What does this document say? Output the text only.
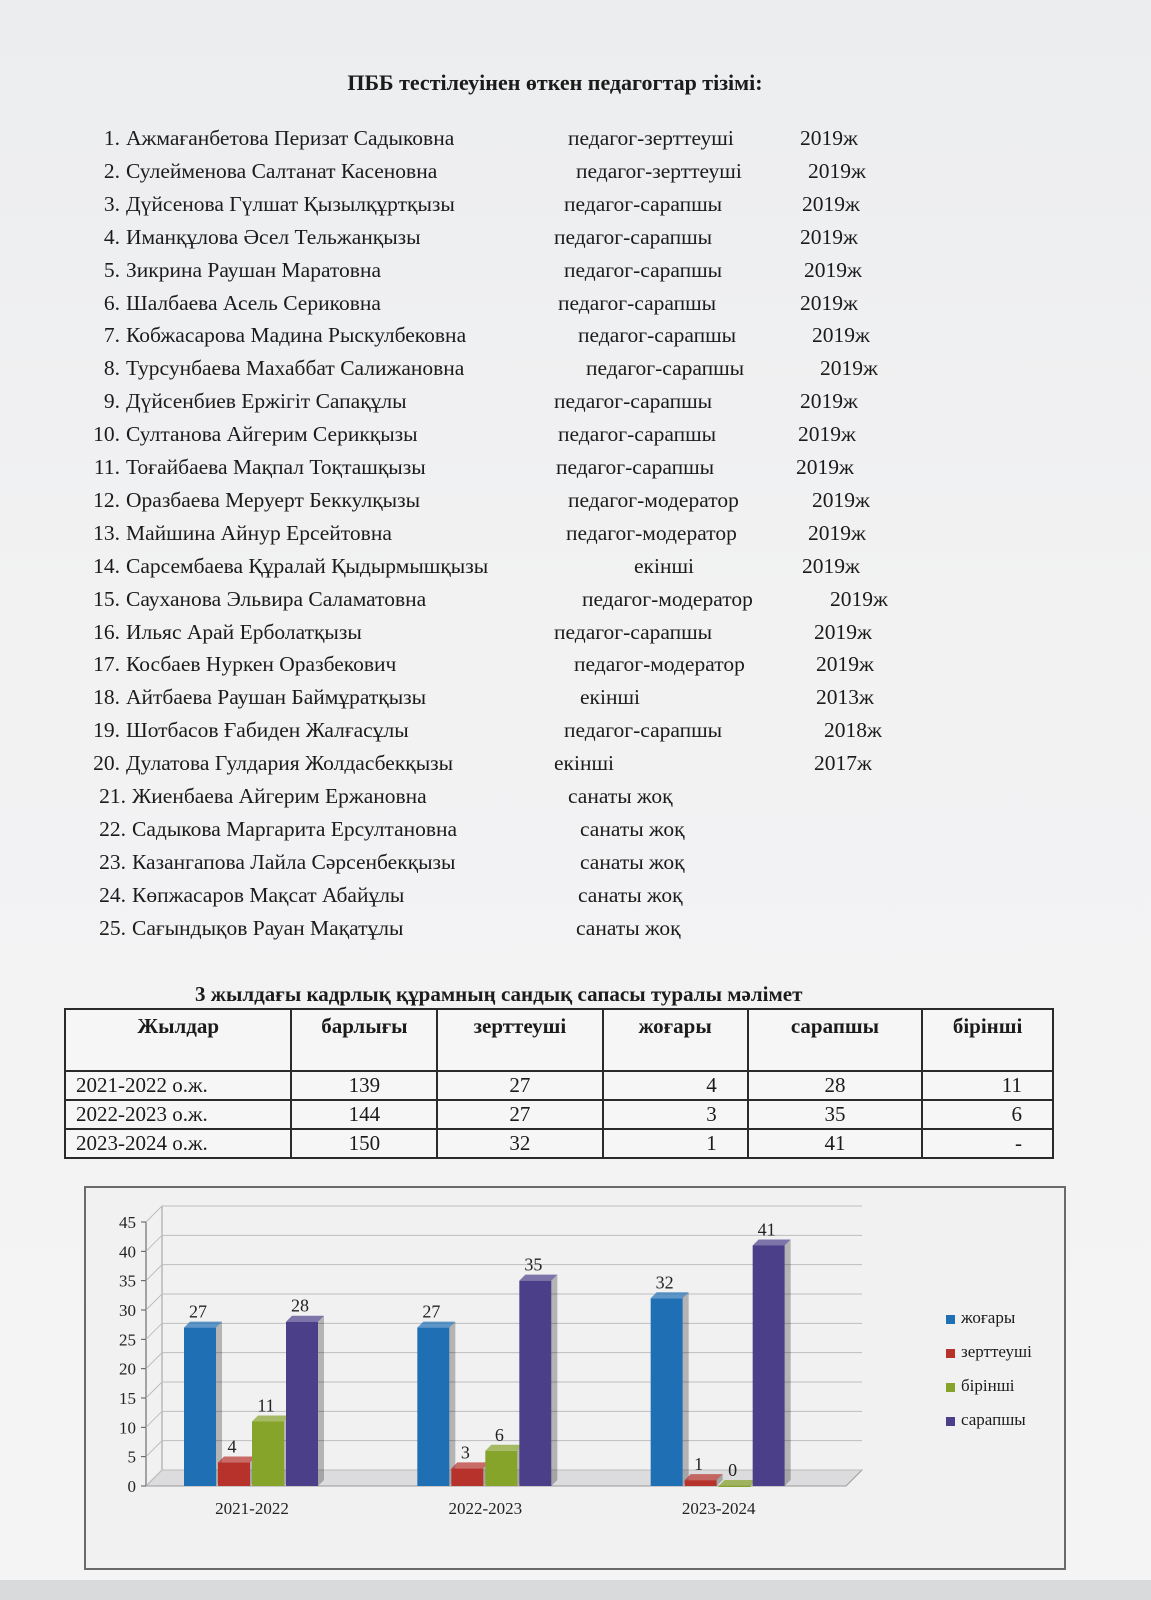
ПББ тестілеуінен өткен педагогтар тізімі:
1. Ажмағанбетова Перизат Садыковна	педагог-зерттеуші	2019ж
2. Сулейменова Салтанат Касеновна	педагог-зерттеуші	2019ж
3. Дүйсенова Гүлшат Қызылқұртқызы	педагог-сарапшы	2019ж
4. Иманқұлова Әсел Тельжанқызы	педагог-сарапшы	2019ж
5. Зикрина Раушан Маратовна	педагог-сарапшы	2019ж
6. Шалбаева Асель Сериковна	педагог-сарапшы	2019ж
7. Кобжасарова Мадина Рыскулбековна	педагог-сарапшы	2019ж
8. Турсунбаева Махаббат Салижановна	педагог-сарапшы	2019ж
9. Дүйсенбиев Ержігіт Сапақұлы	педагог-сарапшы	2019ж
10. Султанова Айгерим Серикқызы	педагог-сарапшы	2019ж
11. Тоғайбаева Мақпал Тоқташқызы	педагог-сарапшы	2019ж
12. Оразбаева Меруерт Беккулқызы	педагог-модератор	2019ж
13. Майшина Айнур Ерсейтовна	педагог-модератор	2019ж
14. Сарсембаева Құралай Қыдырмышқызы	екінші	2019ж
15. Сауханова Эльвира Саламатовна	педагог-модератор	2019ж
16. Ильяс Арай Ерболатқызы	педагог-сарапшы	2019ж
17. Косбаев Нуркен Оразбекович	педагог-модератор	2019ж
18. Айтбаева Раушан Баймұратқызы	екінші	2013ж
19. Шотбасов Ғабиден Жалғасұлы	педагог-сарапшы	2018ж
20. Дулатова Гулдария Жолдасбекқызы	екінші	2017ж
21. Жиенбаева Айгерим Ержановна	санаты жоқ
22. Садыкова Маргарита Ерсултановна	санаты жоқ
23. Казангапова Лайла Сәрсенбекқызы	санаты жоқ
24. Көпжасаров Мақсат Абайұлы	санаты жоқ
25. Сағындықов Рауан Мақатұлы	санаты жоқ
3 жылдағы кадрлық құрамның сандық сапасы туралы мәлімет
Жылдар	барлығы	зерттеуші	жоғары	сарапшы	бірінші
2021-2022 о.ж.	139	27	4	28	11
2022-2023 о.ж.	144	27	3	35	6
2023-2024 о.ж.	150	32	1	41	-
0
5
10
15
20
25
30
35
40
45
27
4
11
28
2021-2022
27
3
6
35
2022-2023
32
1 0
41
2023-2024
жоғары
зерттеуші
бірінші
сарапшы
